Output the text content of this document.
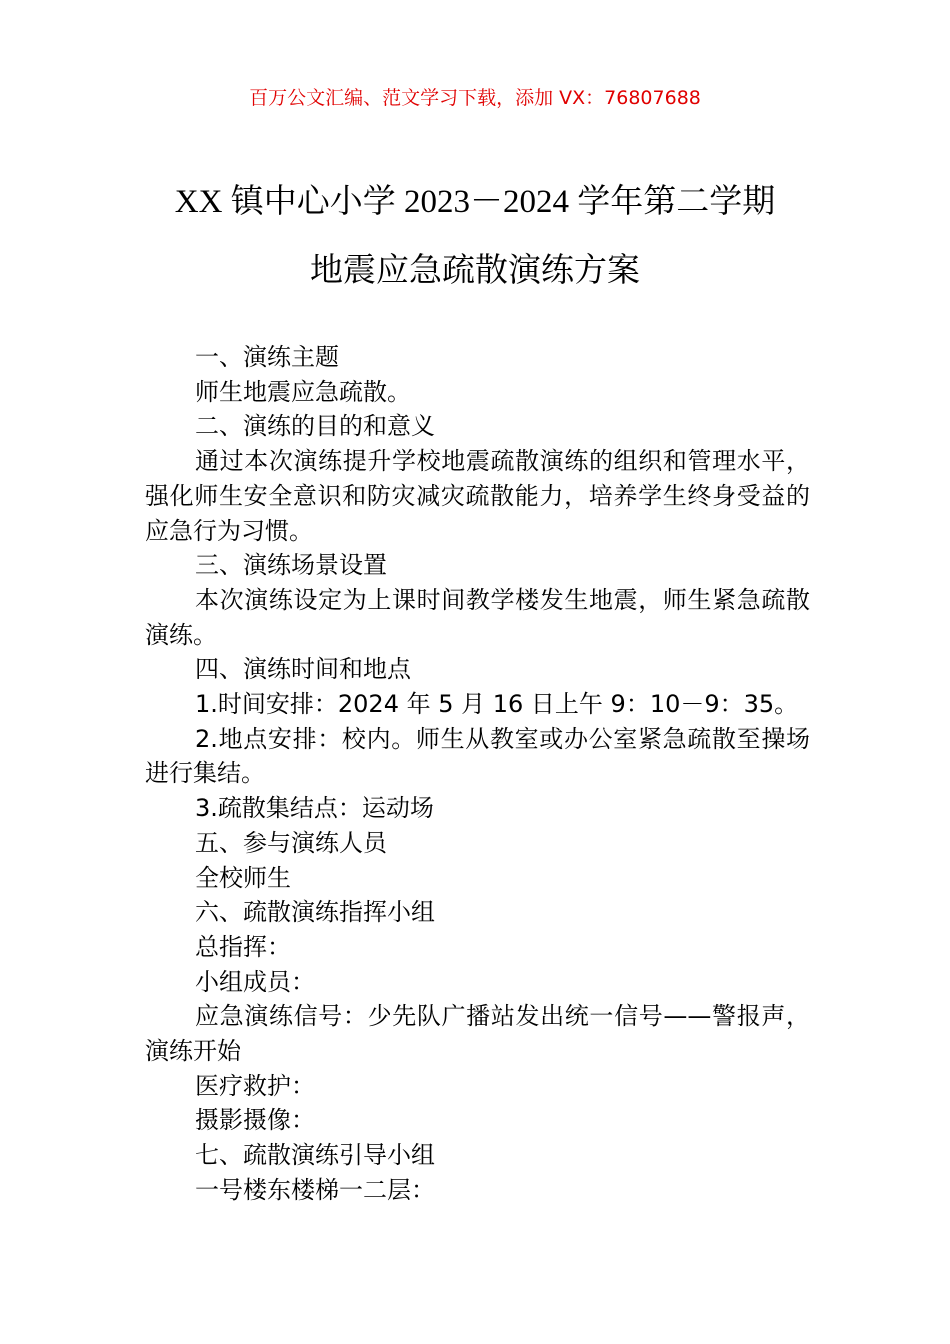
百万公文汇编、范文学习下载，添加 VX：76807688
XX 镇中心小学 2023－2024 学年第二学期
地震应急疏散演练方案

一、演练主题

师生地震应急疏散。

二、演练的目的和意义

通过本次演练提升学校地震疏散演练的组织和管理水平，强化师生安全意识和防灾减灾疏散能力，培养学生终身受益的应急行为习惯。

三、演练场景设置

本次演练设定为上课时间教学楼发生地震，师生紧急疏散演练。

四、演练时间和地点

1.时间安排：2024 年 5 月 16 日上午 9：10－9：35。

2.地点安排：校内。师生从教室或办公室紧急疏散至操场进行集结。

3.疏散集结点：运动场

五、参与演练人员

全校师生

六、疏散演练指挥小组

总指挥：

小组成员：

应急演练信号：少先队广播站发出统一信号——警报声，演练开始

医疗救护：

摄影摄像：

七、疏散演练引导小组

一号楼东楼梯一二层：
